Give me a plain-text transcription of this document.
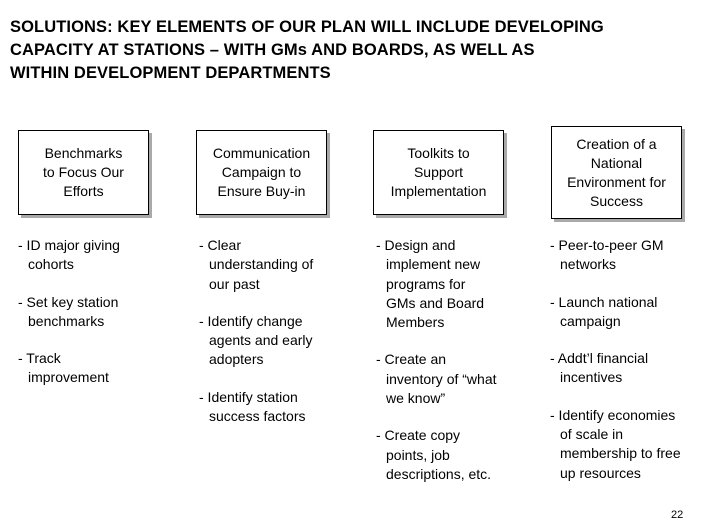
SOLUTIONS: KEY ELEMENTS OF OUR PLAN WILL INCLUDE DEVELOPING
CAPACITY AT STATIONS – WITH GMs AND BOARDS, AS WELL AS
WITHIN DEVELOPMENT DEPARTMENTS
Benchmarks
to Focus Our
Efforts
- ID major giving
cohorts
- Set key station
benchmarks
- Track
improvement
Communication
Campaign to
Ensure Buy-in
- Clear
understanding of
our past
- Identify change
agents and early
adopters
- Identify station
success factors
Toolkits to
Support
Implementation
- Design and
implement new
programs for
GMs and Board
Members
- Create an
inventory of “what
we know”
- Create copy
points, job
descriptions, etc.
Creation of a
National
Environment for
Success
- Peer-to-peer GM
networks
- Launch national
campaign
- Addt’l financial
incentives
- Identify economies
of scale in
membership to free
up resources
22
